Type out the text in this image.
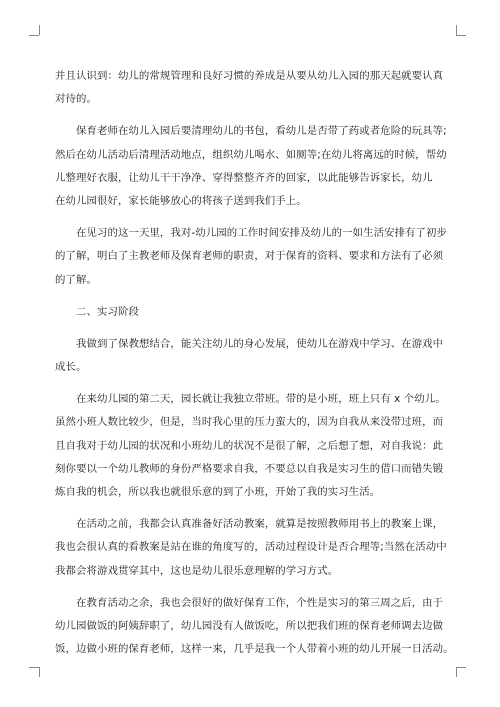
并且认识到：幼儿的常规管理和良好习惯的养成是从要从幼儿入园的那天起就要认真
对待的。
保育老师在幼儿入园后要清理幼儿的书包，看幼儿是否带了药或者危险的玩具等;
然后在幼儿活动后清理活动地点，组织幼儿喝水、如厕等;在幼儿将离远的时候，帮幼
儿整理好衣服，让幼儿干干净净、穿得整整齐齐的回家，以此能够告诉家长，幼儿
在幼儿园很好，家长能够放心的将孩子送到我们手上。
在见习的这一天里，我对-幼儿园的工作时间安排及幼儿的一如生活安排有了初步
的了解，明白了主教老师及保育老师的职责，对于保育的资料、要求和方法有了必须
的了解。
二、实习阶段
我做到了保教想结合，能关注幼儿的身心发展，使幼儿在游戏中学习、在游戏中
成长。
在来幼儿园的第二天，园长就让我独立带班。带的是小班，班上只有 x 个幼儿。
虽然小班人数比较少，但是，当时我心里的压力蛮大的，因为自我从来没带过班，而
且自我对于幼儿园的状况和小班幼儿的状况不是很了解，之后想了想，对自我说：此
刻你要以一个幼儿教师的身份严格要求自我，不要总以自我是实习生的借口而错失锻
炼自我的机会，所以我也就很乐意的到了小班，开始了我的实习生活。
在活动之前，我都会认真准备好活动教案，就算是按照教师用书上的教案上课，
我也会很认真的看教案是站在谁的角度写的，活动过程设计是否合理等;当然在活动中
我都会将游戏贯穿其中，这也是幼儿很乐意理解的学习方式。
在教育活动之余，我也会很好的做好保育工作，个性是实习的第三周之后，由于
幼儿园做饭的阿姨辞职了，幼儿园没有人做饭吃，所以把我们班的保育老师调去边做
饭，边做小班的保育老师，这样一来，几乎是我一个人带着小班的幼儿开展一日活动。
